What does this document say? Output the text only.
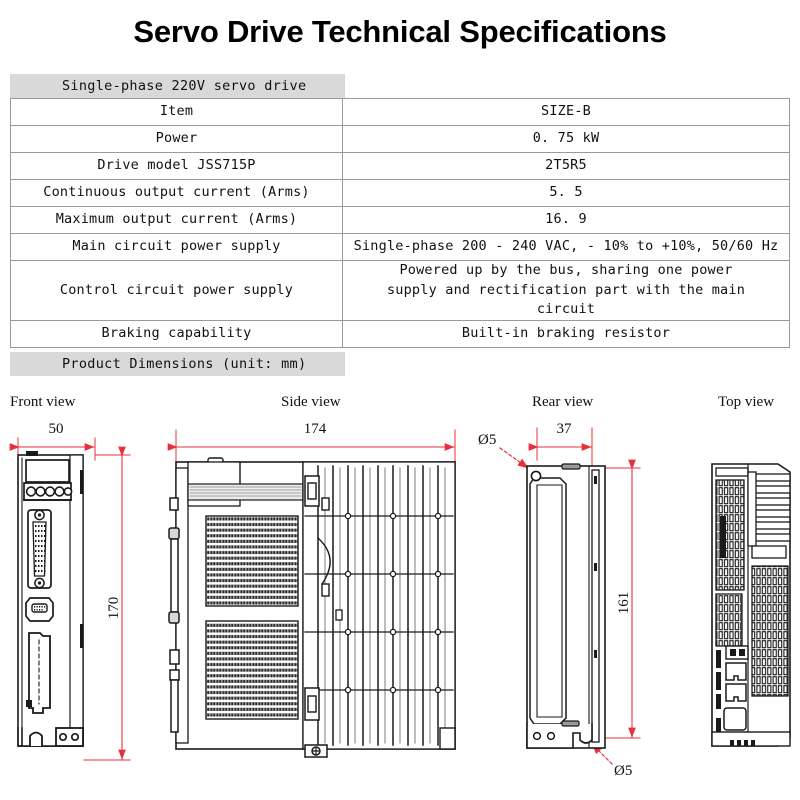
Servo Drive Technical Specifications
Single-phase 220V servo drive
Item	SIZE-B
Power	0. 75 kW
Drive model JSS715P	2T5R5
Continuous output current (Arms)	5. 5
Maximum output current (Arms)	16. 9
Main circuit power supply	Single-phase 200 - 240 VAC, - 10% to +10%, 50/60 Hz
Control circuit power supply	Powered up by the bus, sharing one power supply and rectification part with the main circuit
Braking capability	Built-in braking resistor
Product Dimensions (unit: mm)
Front view	Side view	Rear view	Top view
50
170
174	37
161
Ø5
Ø5
